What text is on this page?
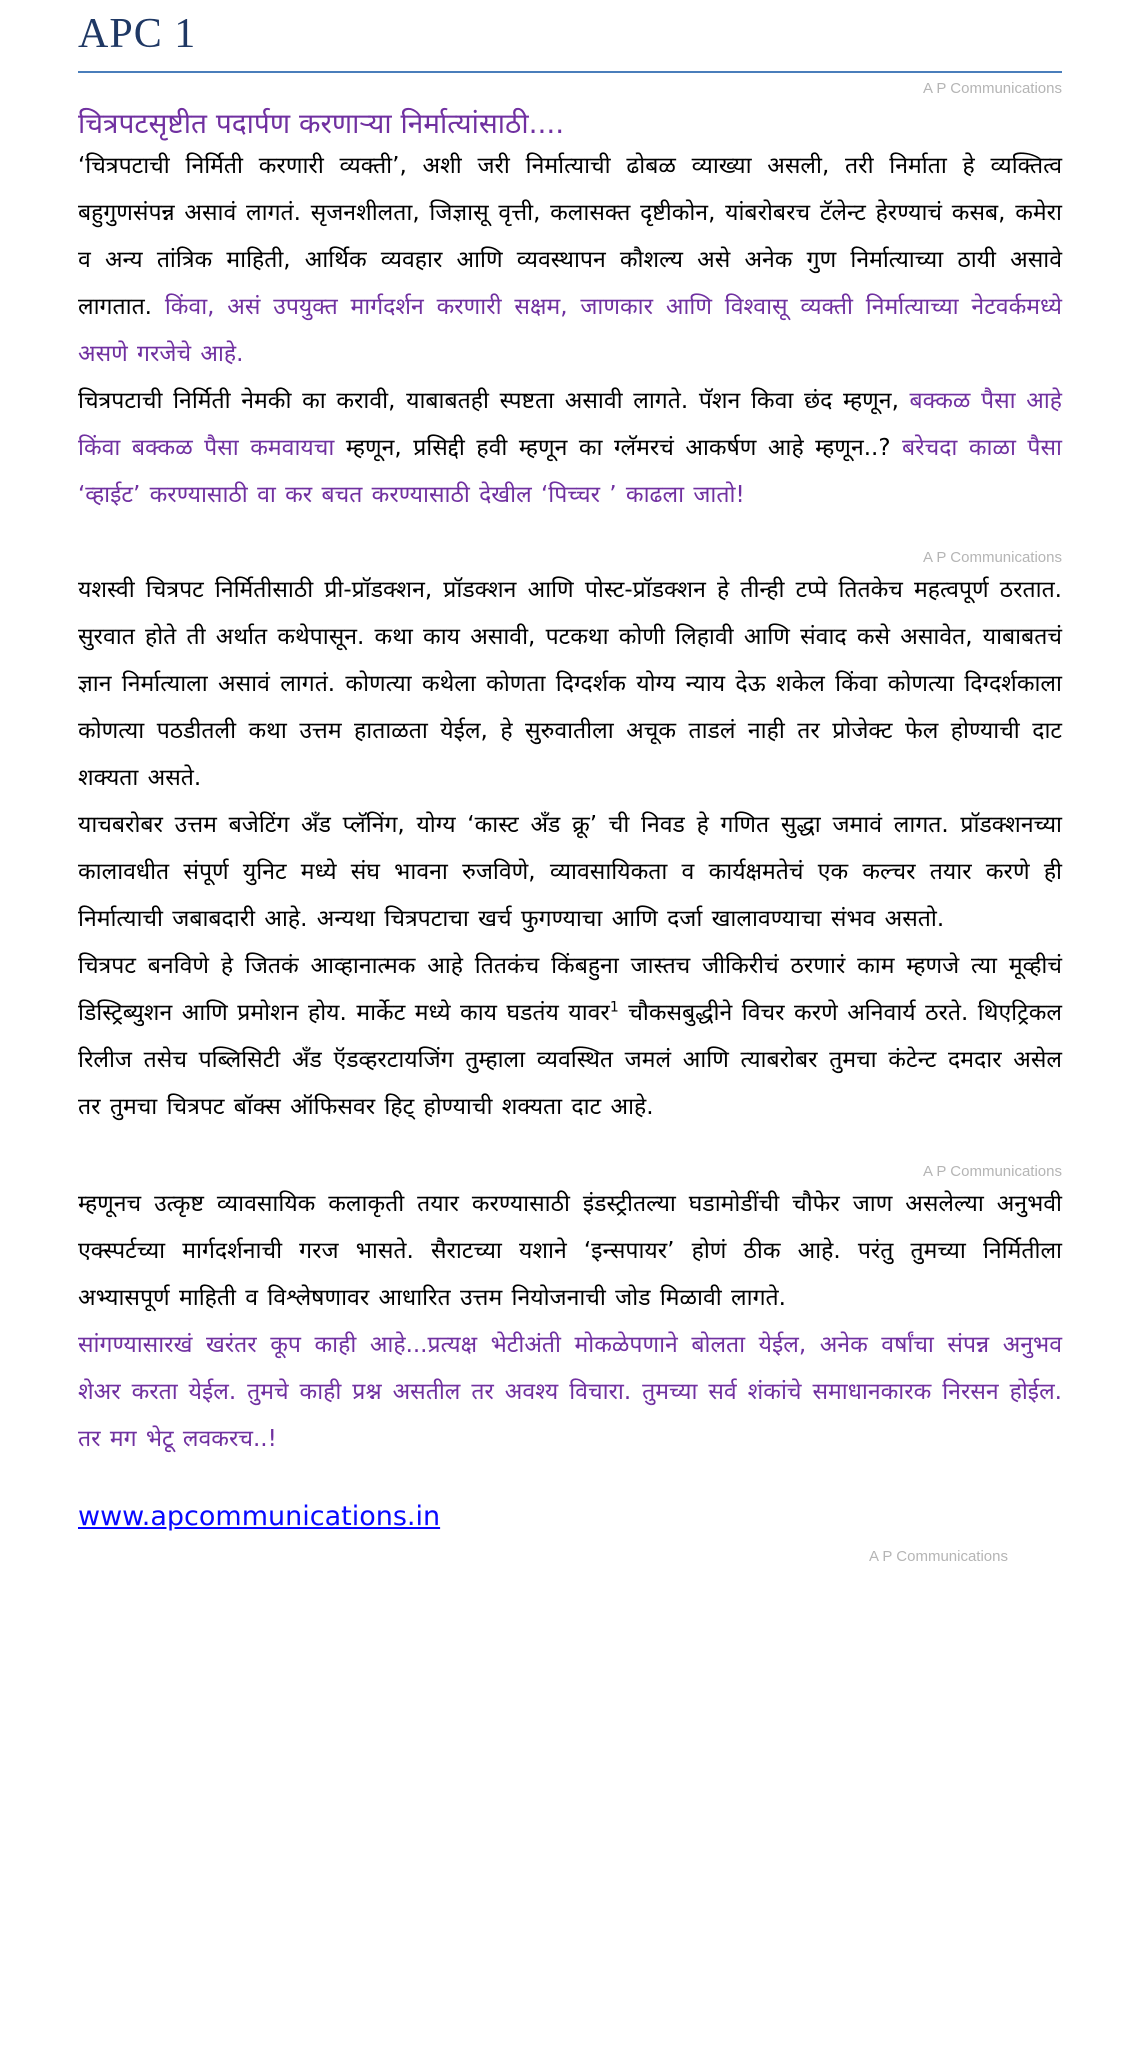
APC 1
A P Communications
चित्रपटसृष्टीत पदार्पण करणाऱ्या निर्मात्यांसाठी....

‘चित्रपटाची निर्मिती करणारी व्यक्ती’, अशी जरी निर्मात्याची ढोबळ व्याख्या असली, तरी निर्माता हे व्यक्तित्व बहुगुणसंपन्न असावं लागतं. सृजनशीलता, जिज्ञासू वृत्ती, कलासक्त दृष्टीकोन, यांबरोबरच टॅलेन्ट हेरण्याचं कसब, कमेरा व अन्य तांत्रिक माहिती, आर्थिक व्यवहार आणि व्यवस्थापन कौशल्य असे अनेक गुण निर्मात्याच्या ठायी असावे लागतात. किंवा, असं उपयुक्त मार्गदर्शन करणारी सक्षम, जाणकार आणि विश्वासू व्यक्ती निर्मात्याच्या नेटवर्कमध्ये असणे गरजेचे आहे.

चित्रपटाची निर्मिती नेमकी का करावी, याबाबतही स्पष्टता असावी लागते. पॅशन किवा छंद म्हणून, बक्कळ पैसा आहे किंवा बक्कळ पैसा कमवायचा म्हणून, प्रसिद्दी हवी म्हणून का ग्लॅमरचं आकर्षण आहे म्हणून..? बरेचदा काळा पैसा ‘व्हाईट’ करण्यासाठी वा कर बचत करण्यासाठी देखील ‘पिच्चर ’ काढला जातो!

A P Communications

यशस्वी चित्रपट निर्मितीसाठी प्री-प्रॉडक्शन, प्रॉडक्शन आणि पोस्ट-प्रॉडक्शन हे तीन्ही टप्पे तितकेच महत्वपूर्ण ठरतात. सुरवात होते ती अर्थात कथेपासून. कथा काय असावी, पटकथा कोणी लिहावी आणि संवाद कसे असावेत, याबाबतचं ज्ञान निर्मात्याला असावं लागतं. कोणत्या कथेला कोणता दिग्दर्शक योग्य न्याय देऊ शकेल किंवा कोणत्या दिग्दर्शकाला कोणत्या पठडीतली कथा उत्तम हाताळता येईल, हे सुरुवातीला अचूक ताडलं नाही तर प्रोजेक्ट फेल होण्याची दाट शक्यता असते.

याचबरोबर उत्तम बजेटिंग अँड प्लॅनिंग, योग्य ‘कास्ट अँड क्रू’ ची निवड हे गणित सुद्धा जमावं लागत. प्रॉडक्शनच्या कालावधीत संपूर्ण युनिट मध्ये संघ भावना रुजविणे, व्यावसायिकता व कार्यक्षमतेचं एक कल्चर तयार करणे ही निर्मात्याची जबाबदारी आहे. अन्यथा चित्रपटाचा खर्च फुगण्याचा आणि दर्जा खालावण्याचा संभव असतो.

चित्रपट बनविणे हे जितकं आव्हानात्मक आहे तितकंच किंबहुना जास्तच जीकिरीचं ठरणारं काम म्हणजे त्या मूव्हीचं डिस्ट्रिब्युशन आणि प्रमोशन होय. मार्केट मध्ये काय घडतंय यावर$^1$ चौकसबुद्धीने विचर करणे अनिवार्य ठरते. थिएट्रिकल रिलीज तसेच पब्लिसिटी अँड ऍडव्हरटायजिंग तुम्हाला व्यवस्थित जमलं आणि त्याबरोबर तुमचा कंटेन्ट दमदार असेल तर तुमचा चित्रपट बॉक्स ऑफिसवर हिट् होण्याची शक्यता दाट आहे.

A P Communications

म्हणूनच उत्कृष्ट व्यावसायिक कलाकृती तयार करण्यासाठी इंडस्ट्रीतल्या घडामोडींची चौफेर जाण असलेल्या अनुभवी एक्स्पर्टच्या मार्गदर्शनाची गरज भासते. सैराटच्या यशाने ‘इन्सपायर’ होणं ठीक आहे. परंतु तुमच्या निर्मितीला अभ्यासपूर्ण माहिती व विश्लेषणावर आधारित उत्तम नियोजनाची जोड मिळावी लागते.

सांगण्यासारखं खरंतर कूप काही आहे...प्रत्यक्ष भेटीअंती मोकळेपणाने बोलता येईल, अनेक वर्षांचा संपन्न अनुभव शेअर करता येईल. तुमचे काही प्रश्न असतील तर अवश्य विचारा. तुमच्या सर्व शंकांचे समाधानकारक निरसन होईल. तर मग भेटू लवकरच..!

www.apcommunications.in
A P Communications
